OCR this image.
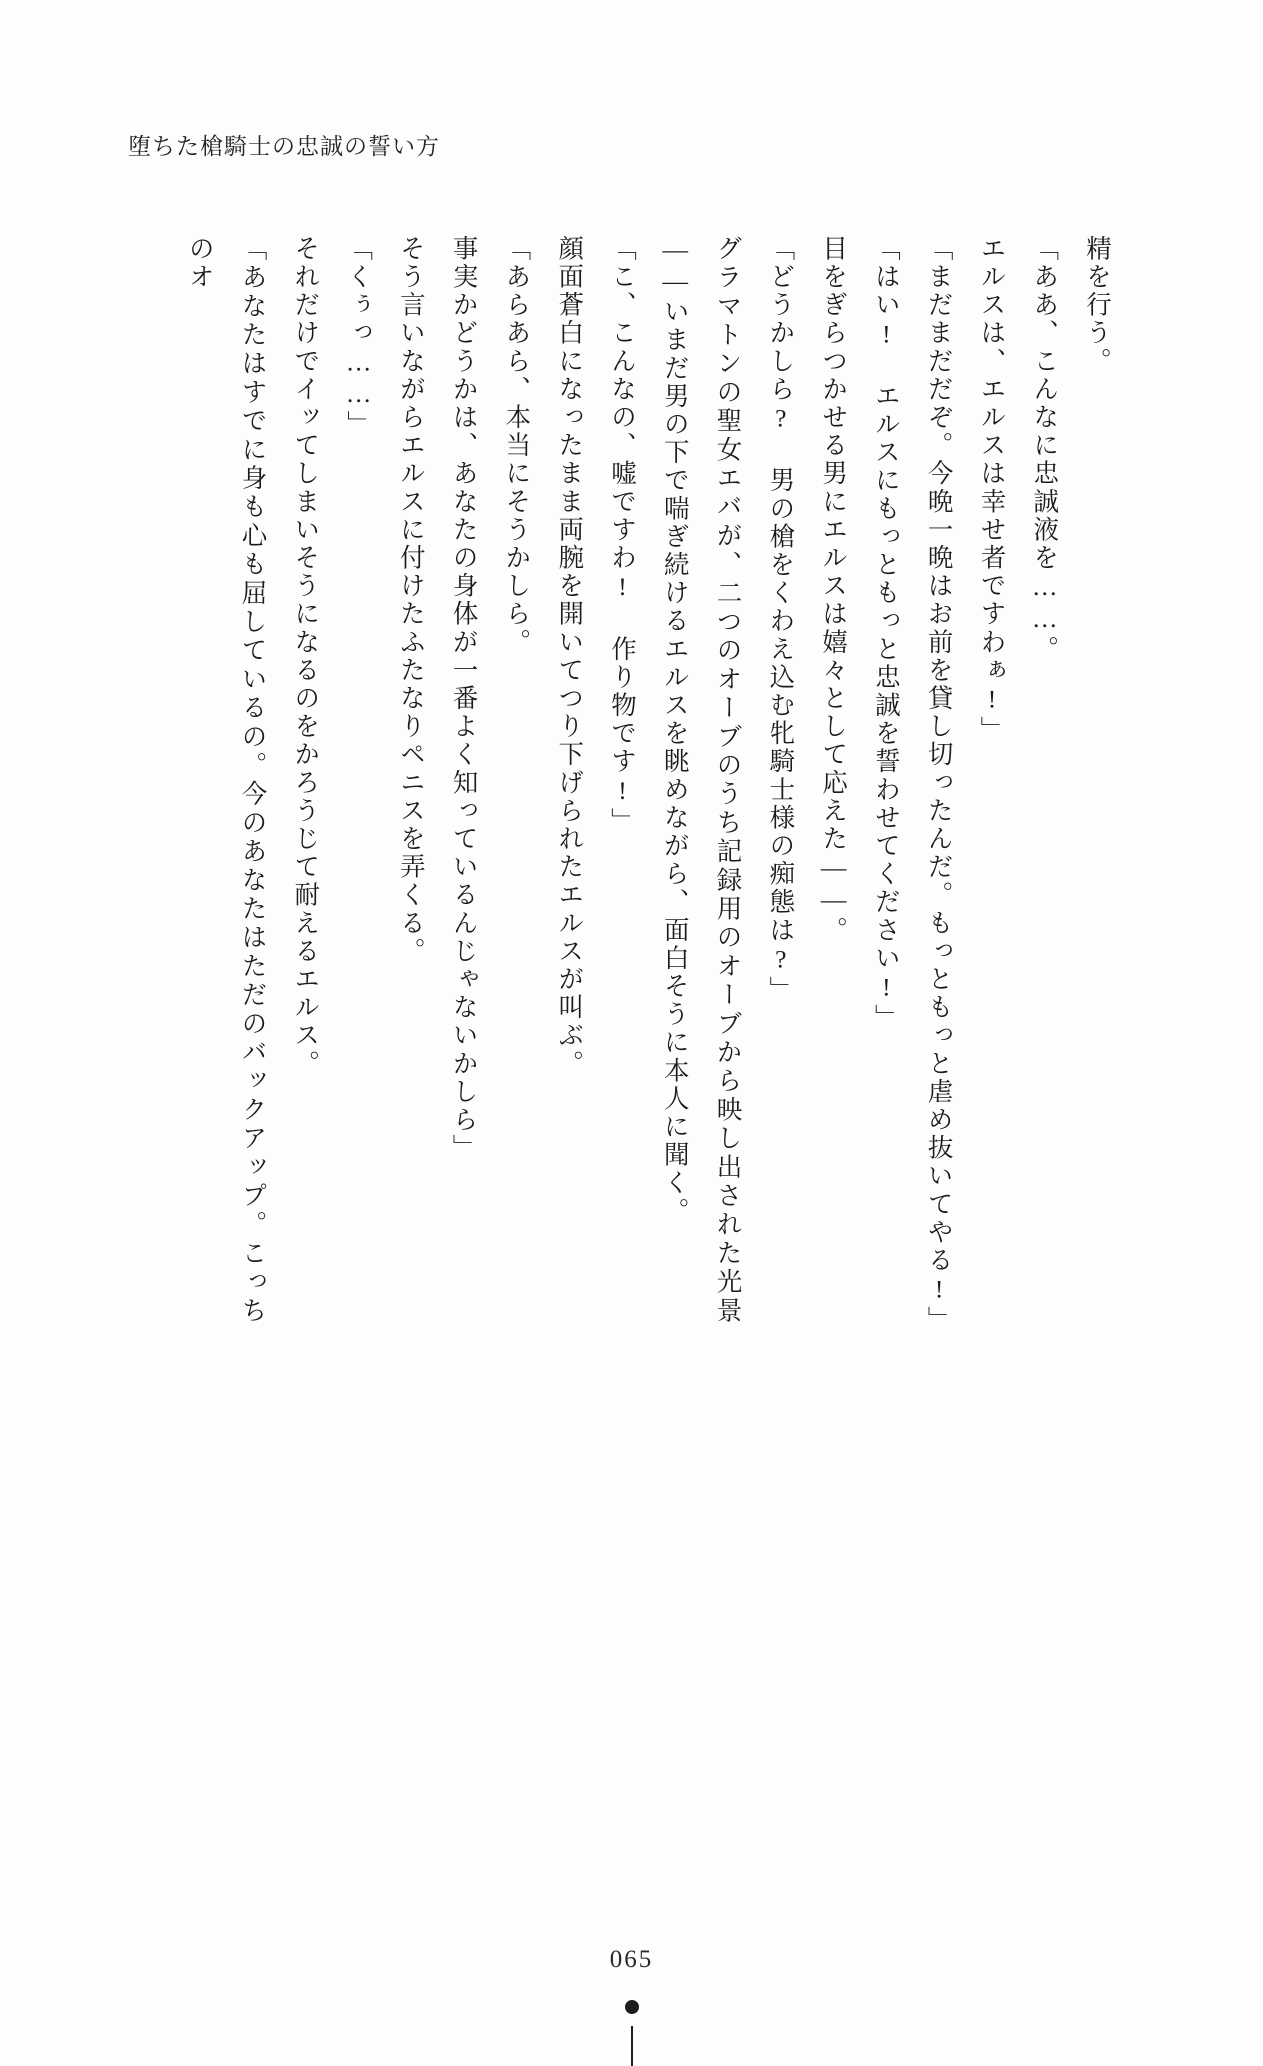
堕ちた槍騎士の忠誠の誓い方

精を行う。

「ああ、こんなに忠誠液を……。

エルスは、エルスは幸せ者ですわぁ!」

「まだまだだぞ。今晩一晩はお前を貸し切ったんだ。もっともっと虐め抜いてやる!」

「はい! エルスにもっともっと忠誠を誓わせてください!」

目をぎらつかせる男にエルスは嬉々として応えた——。

「どうかしら? 男の槍をくわえ込む牝騎士様の痴態は?」

グラマトンの聖女エバが、二つのオーブのうち記録用のオーブから映し出された光景——いまだ男の下で喘ぎ続けるエルスを眺めながら、面白そうに本人に聞く。

「こ、こんなの、嘘ですわ! 作り物です!」

顔面蒼白になったまま両腕を開いてつり下げられたエルスが叫ぶ。

「あらあら、本当にそうかしら。

事実かどうかは、あなたの身体が一番よく知っているんじゃないかしら」

そう言いながらエルスに付けたふたなりペニスを弄くる。

「くぅっ……」

それだけでイッてしまいそうになるのをかろうじて耐えるエルス。

「あなたはすでに身も心も屈しているの。今のあなたはただのバックアップ。こっちのオ

065
